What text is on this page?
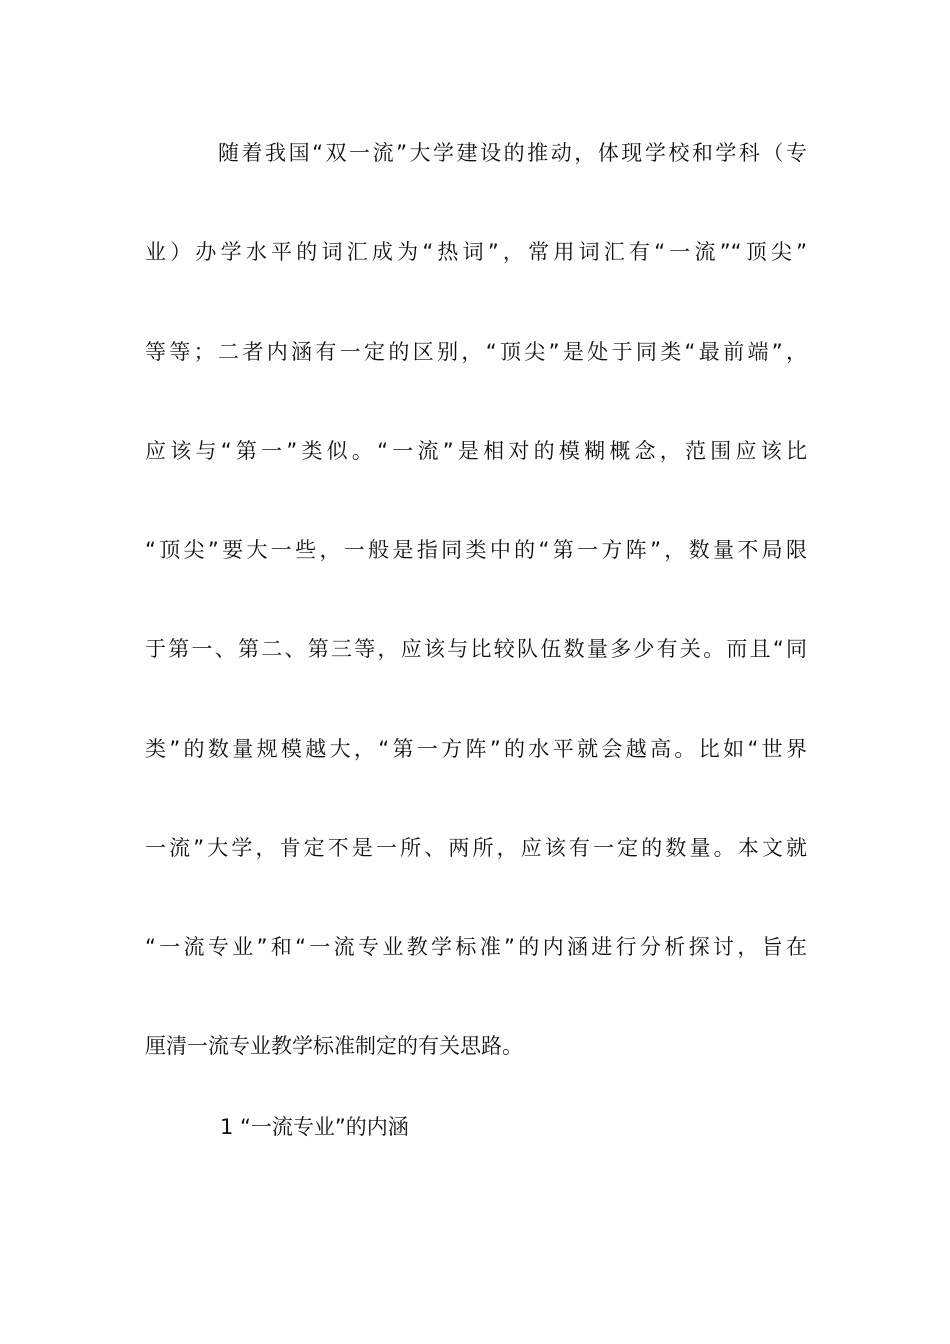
随着我国“双一流”大学建设的推动，体现学校和学科（专
业）办学水平的词汇成为“热词”，常用词汇有“一流”“顶尖”
等等；二者内涵有一定的区别，“顶尖”是处于同类“最前端”，
应该与“第一”类似。“一流”是相对的模糊概念，范围应该比
“顶尖”要大一些，一般是指同类中的“第一方阵”，数量不局限
于第一、第二、第三等，应该与比较队伍数量多少有关。而且“同
类”的数量规模越大，“第一方阵”的水平就会越高。比如“世界
一流”大学，肯定不是一所、两所，应该有一定的数量。本文就
“一流专业”和“一流专业教学标准”的内涵进行分析探讨，旨在
厘清一流专业教学标准制定的有关思路。
1 “一流专业”的内涵
